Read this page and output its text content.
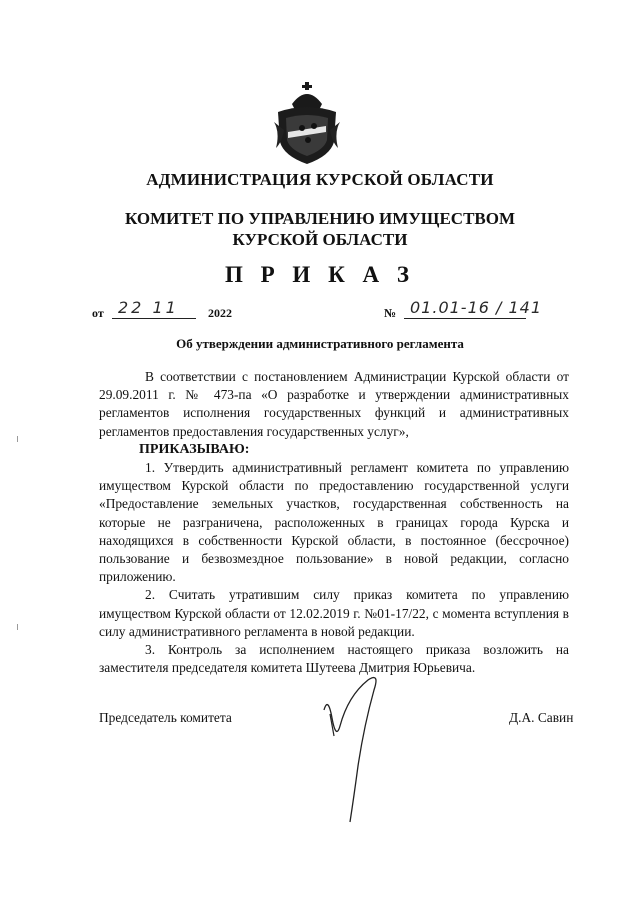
АДМИНИСТРАЦИЯ КУРСКОЙ ОБЛАСТИ
КОМИТЕТ ПО УПРАВЛЕНИЮ ИМУЩЕСТВОМ
КУРСКОЙ ОБЛАСТИ
П Р И К А З
от 22 11 2022	№ 01.01-16 / 141
Об утверждении административного регламента

В соответствии с постановлением Администрации Курской области от 29.09.2011 г. № 473-па «О разработке и утверждении административных регламентов исполнения государственных функций и административных регламентов предоставления государственных услуг»,

ПРИКАЗЫВАЮ:

1. Утвердить административный регламент комитета по управлению имуществом Курской области по предоставлению государственной услуги «Предоставление земельных участков, государственная собственность на которые не разграничена, расположенных в границах города Курска и находящихся в собственности Курской области, в постоянное (бессрочное) пользование и безвозмездное пользование» в новой редакции, согласно приложению.

2. Считать утратившим силу приказ комитета по управлению имуществом Курской области от 12.02.2019 г. №01-17/22, с момента вступления в силу административного регламента в новой редакции.

3. Контроль за исполнением настоящего приказа возложить на заместителя председателя комитета Шутеева Дмитрия Юрьевича.

Председатель комитета	Д.А. Савин
